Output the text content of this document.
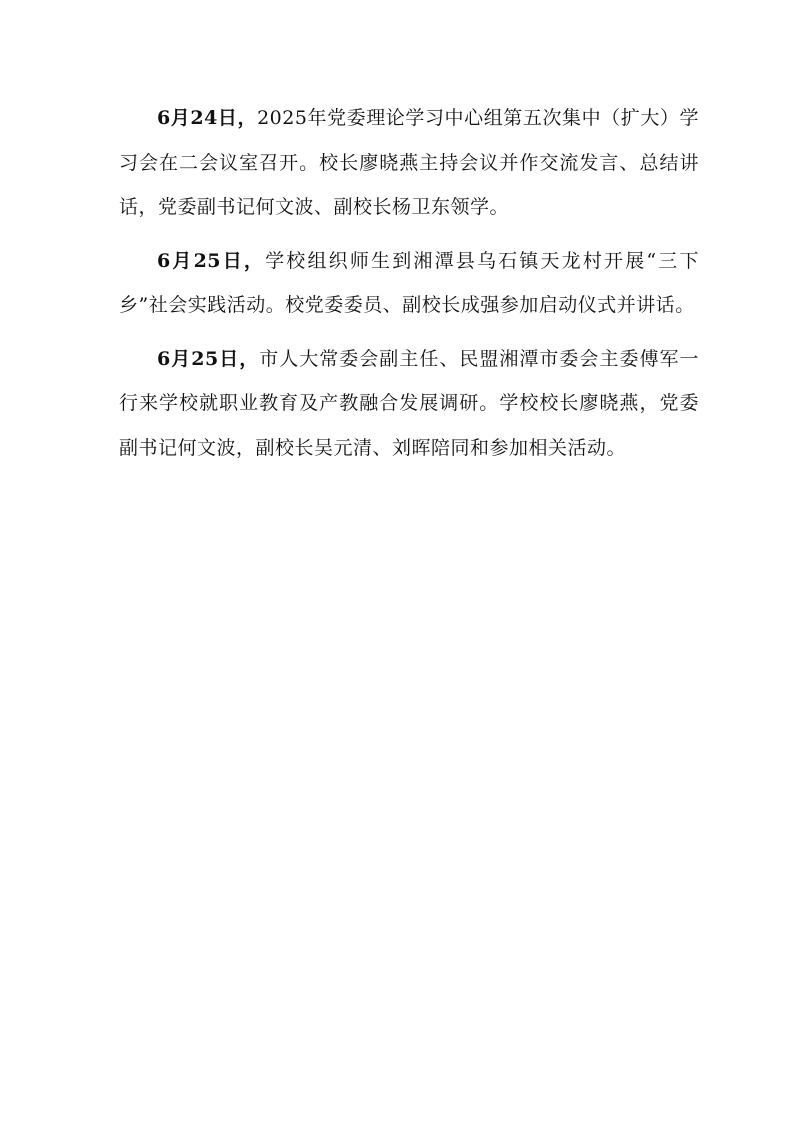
6月24日，2025年党委理论学习中心组第五次集中（扩大）学习会在二会议室召开。校长廖晓燕主持会议并作交流发言、总结讲话，党委副书记何文波、副校长杨卫东领学。

6月25日，学校组织师生到湘潭县乌石镇天龙村开展“三下乡”社会实践活动。校党委委员、副校长成强参加启动仪式并讲话。

6月25日，市人大常委会副主任、民盟湘潭市委会主委傅军一行来学校就职业教育及产教融合发展调研。学校校长廖晓燕，党委副书记何文波，副校长吴元清、刘晖陪同和参加相关活动。
